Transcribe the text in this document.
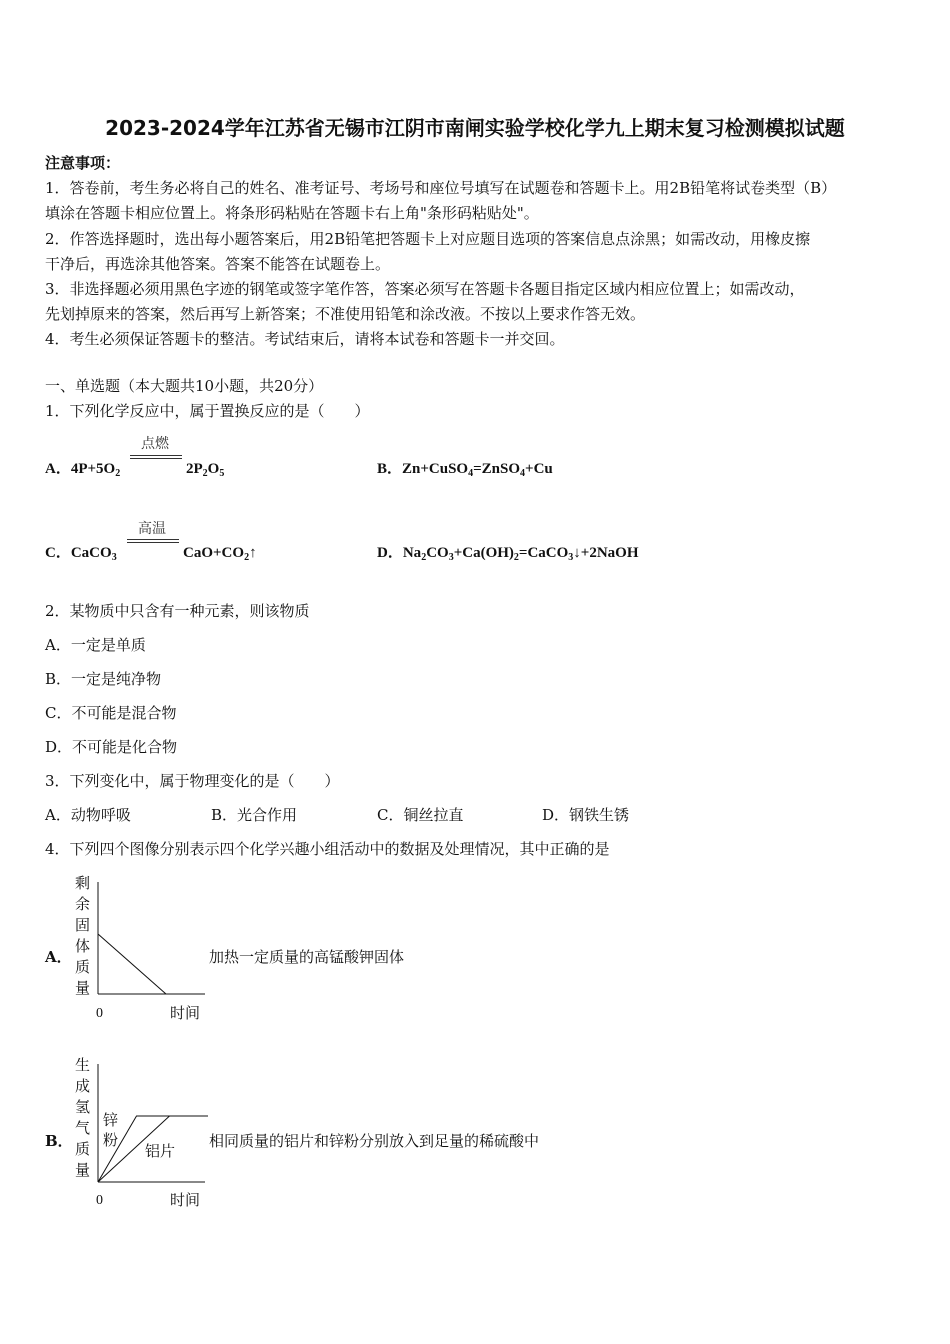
2023-2024学年江苏省无锡市江阴市南闸实验学校化学九上期末复习检测模拟试题
注意事项：
1．答卷前，考生务必将自己的姓名、准考证号、考场号和座位号填写在试题卷和答题卡上。用2B铅笔将试卷类型（B）
填涂在答题卡相应位置上。将条形码粘贴在答题卡右上角"条形码粘贴处"。
2．作答选择题时，选出每小题答案后，用2B铅笔把答题卡上对应题目选项的答案信息点涂黑；如需改动，用橡皮擦
干净后，再选涂其他答案。答案不能答在试题卷上。
3．非选择题必须用黑色字迹的钢笔或签字笔作答，答案必须写在答题卡各题目指定区域内相应位置上；如需改动，
先划掉原来的答案，然后再写上新答案；不准使用铅笔和涂改液。不按以上要求作答无效。
4．考生必须保证答题卡的整洁。考试结束后，请将本试卷和答题卡一并交回。
一、单选题（本大题共10小题，共20分）
1．下列化学反应中，属于置换反应的是（　　）
A．$4P+5O_2$
点燃
$2P_2O_5$	B．Zn+CuSO$_4$=ZnSO$_4$+Cu
C．CaCO$_3$
高温
$CaO+CO_2↑$	D．$Na_2CO_3+Ca(OH)_2=CaCO_3↓+2NaOH$
2．某物质中只含有一种元素，则该物质
A．一定是单质
B．一定是纯净物
C．不可能是混合物
D．不可能是化合物
3．下列变化中，属于物理变化的是（　　）
A．动物呼吸	B．光合作用	C．铜丝拉直	D．钢铁生锈
4．下列四个图像分别表示四个化学兴趣小组活动中的数据及处理情况，其中正确的是
A．
剩
余
固
体
质
量
0	时间
加热一定质量的高锰酸钾固体
B．
生
成
氢
气
质
量
锌
粉
铝片
0	时间
相同质量的铝片和锌粉分别放入到足量的稀硫酸中
